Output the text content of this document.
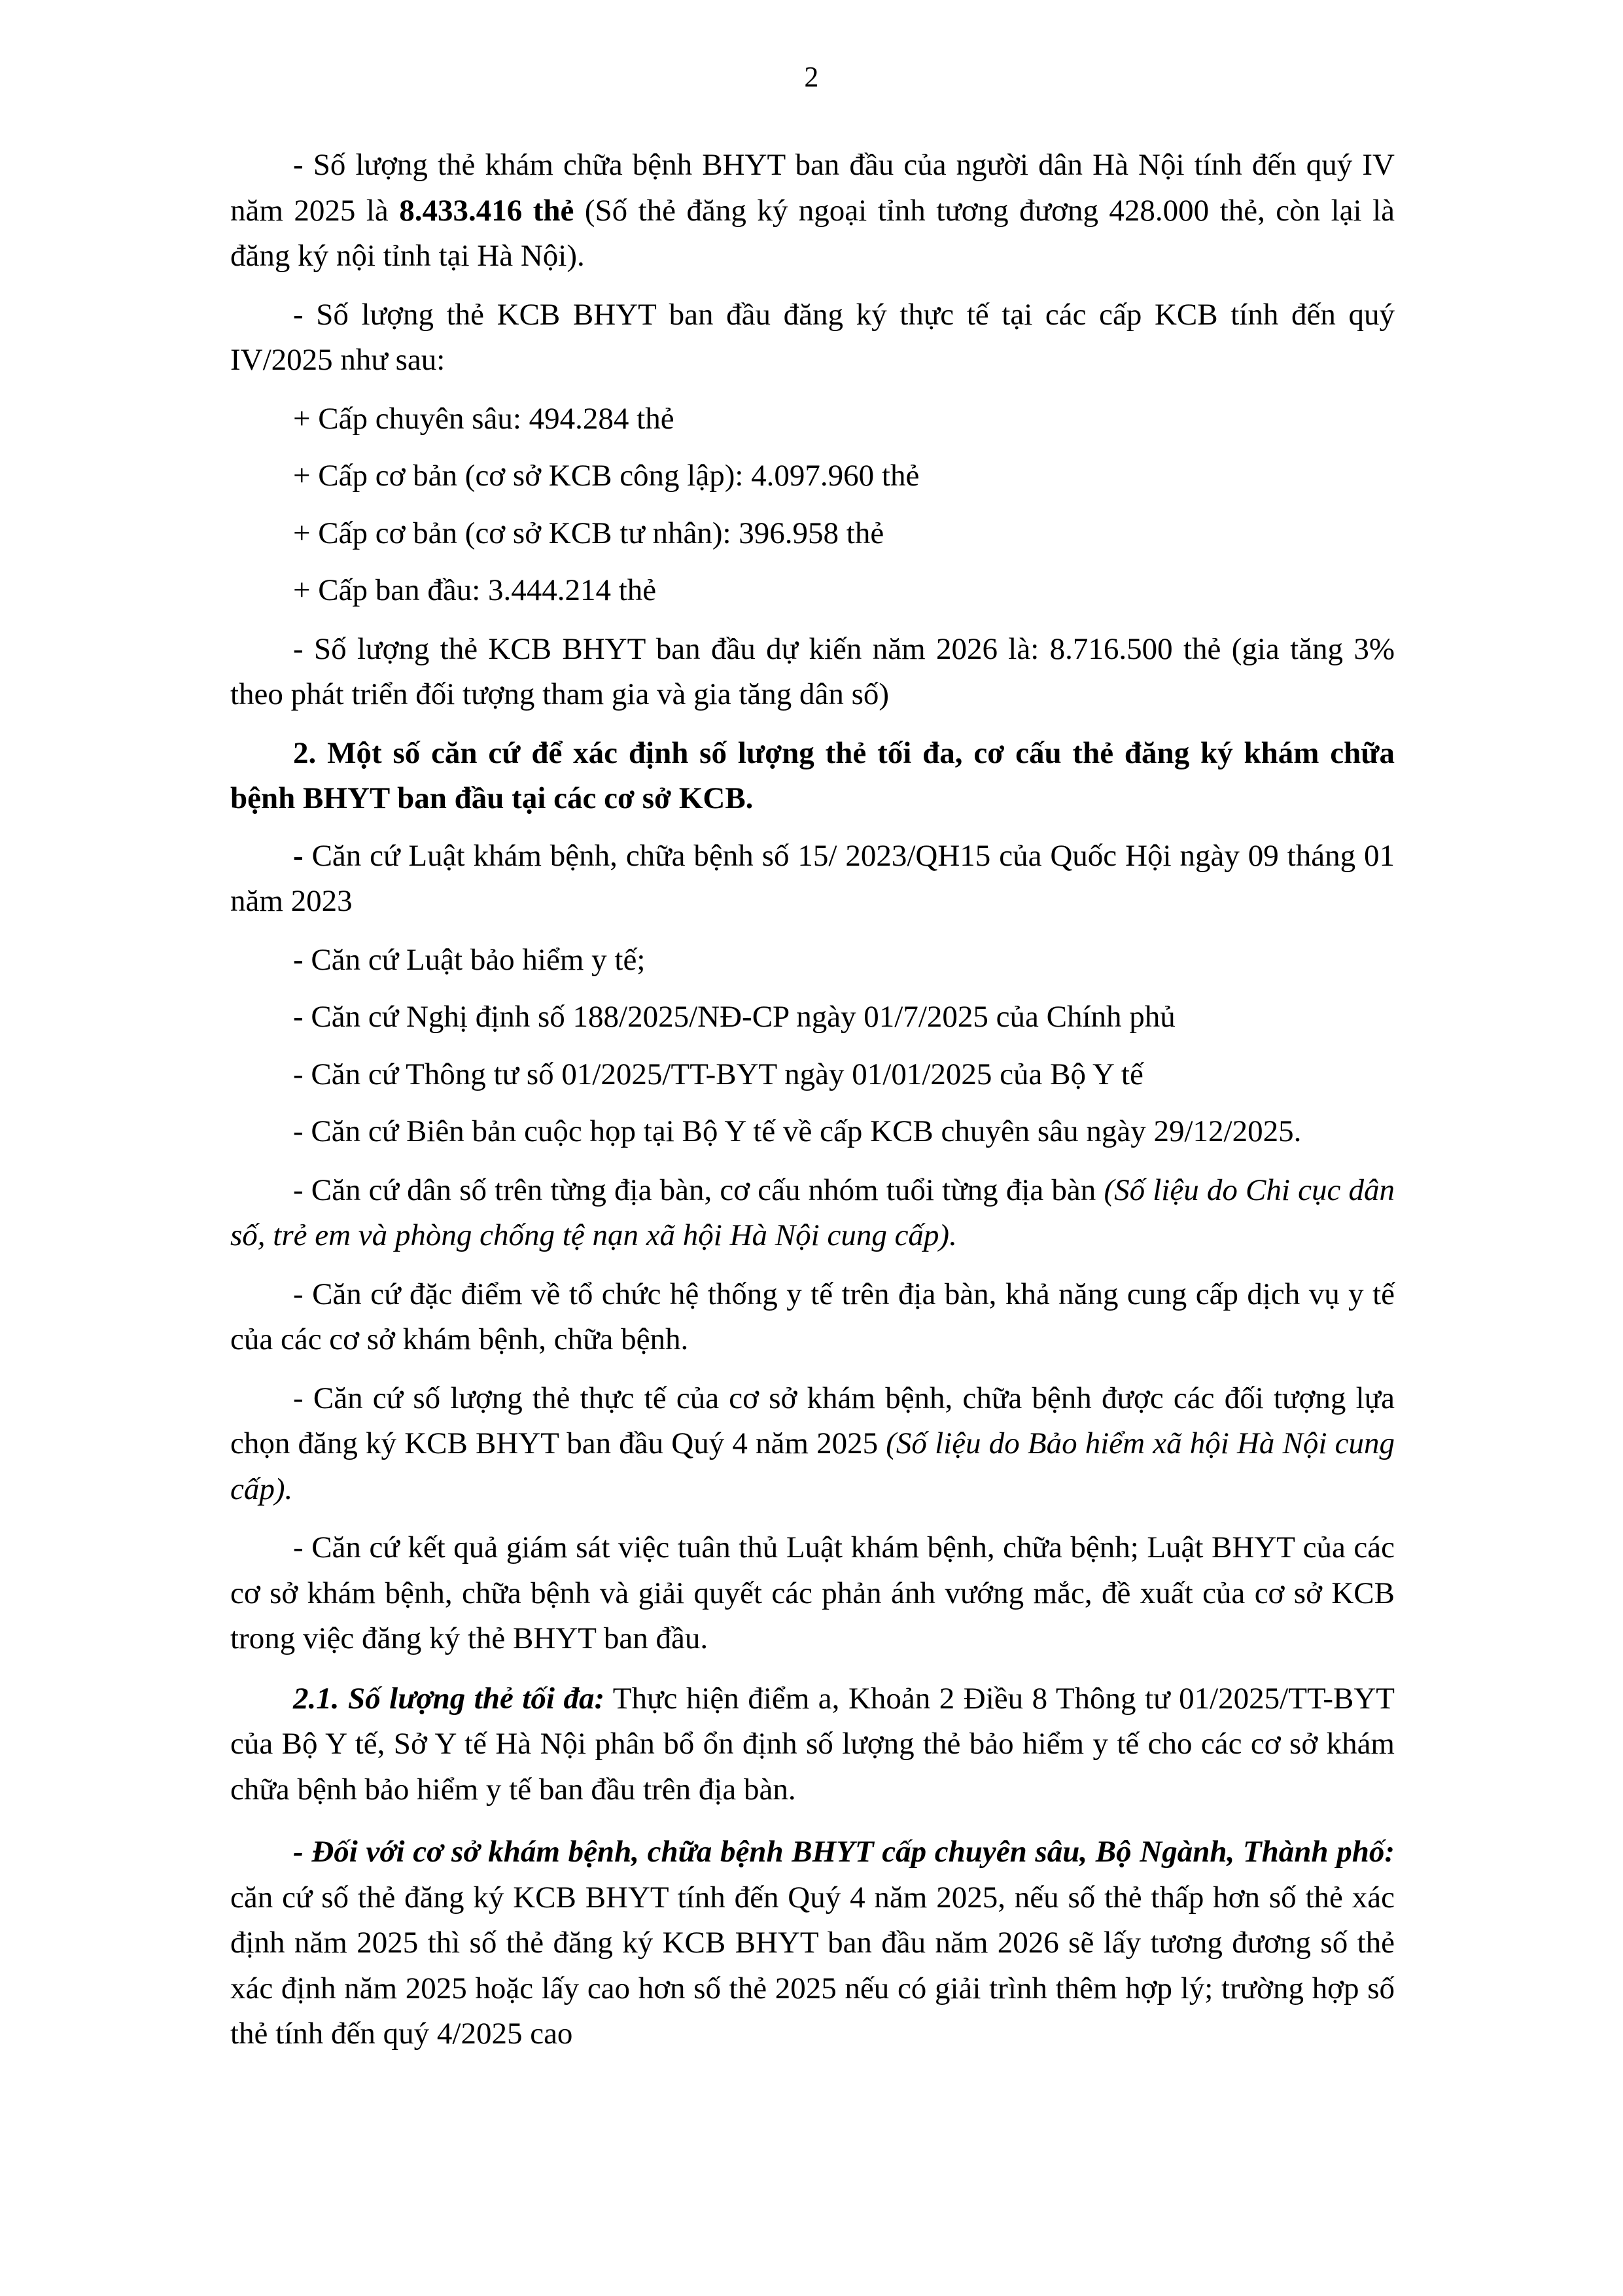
2

- Số lượng thẻ khám chữa bệnh BHYT ban đầu của người dân Hà Nội tính đến quý IV năm 2025 là 8.433.416 thẻ (Số thẻ đăng ký ngoại tỉnh tương đương 428.000 thẻ, còn lại là đăng ký nội tỉnh tại Hà Nội).

- Số lượng thẻ KCB BHYT ban đầu đăng ký thực tế tại các cấp KCB tính đến quý IV/2025 như sau:

+ Cấp chuyên sâu: 494.284 thẻ

+ Cấp cơ bản (cơ sở KCB công lập): 4.097.960 thẻ

+ Cấp cơ bản (cơ sở KCB tư nhân): 396.958 thẻ

+ Cấp ban đầu: 3.444.214 thẻ

- Số lượng thẻ KCB BHYT ban đầu dự kiến năm 2026 là: 8.716.500 thẻ (gia tăng 3% theo phát triển đối tượng tham gia và gia tăng dân số)

2. Một số căn cứ để xác định số lượng thẻ tối đa, cơ cấu thẻ đăng ký khám chữa bệnh BHYT ban đầu tại các cơ sở KCB.

- Căn cứ Luật khám bệnh, chữa bệnh số 15/ 2023/QH15 của Quốc Hội ngày 09 tháng 01 năm 2023

- Căn cứ Luật bảo hiểm y tế;

- Căn cứ Nghị định số 188/2025/NĐ-CP ngày 01/7/2025 của Chính phủ

- Căn cứ Thông tư số 01/2025/TT-BYT ngày 01/01/2025 của Bộ Y tế

- Căn cứ Biên bản cuộc họp tại Bộ Y tế về cấp KCB chuyên sâu ngày 29/12/2025.

- Căn cứ dân số trên từng địa bàn, cơ cấu nhóm tuổi từng địa bàn (Số liệu do Chi cục dân số, trẻ em và phòng chống tệ nạn xã hội Hà Nội cung cấp).

- Căn cứ đặc điểm về tổ chức hệ thống y tế trên địa bàn, khả năng cung cấp dịch vụ y tế của các cơ sở khám bệnh, chữa bệnh.

- Căn cứ số lượng thẻ thực tế của cơ sở khám bệnh, chữa bệnh được các đối tượng lựa chọn đăng ký KCB BHYT ban đầu Quý 4 năm 2025 (Số liệu do Bảo hiểm xã hội Hà Nội cung cấp).

- Căn cứ kết quả giám sát việc tuân thủ Luật khám bệnh, chữa bệnh; Luật BHYT của các cơ sở khám bệnh, chữa bệnh và giải quyết các phản ánh vướng mắc, đề xuất của cơ sở KCB trong việc đăng ký thẻ BHYT ban đầu.

2.1. Số lượng thẻ tối đa: Thực hiện điểm a, Khoản 2 Điều 8 Thông tư 01/2025/TT-BYT của Bộ Y tế, Sở Y tế Hà Nội phân bổ ổn định số lượng thẻ bảo hiểm y tế cho các cơ sở khám chữa bệnh bảo hiểm y tế ban đầu trên địa bàn.

- Đối với cơ sở khám bệnh, chữa bệnh BHYT cấp chuyên sâu, Bộ Ngành, Thành phố: căn cứ số thẻ đăng ký KCB BHYT tính đến Quý 4 năm 2025, nếu số thẻ thấp hơn số thẻ xác định năm 2025 thì số thẻ đăng ký KCB BHYT ban đầu năm 2026 sẽ lấy tương đương số thẻ xác định năm 2025 hoặc lấy cao hơn số thẻ 2025 nếu có giải trình thêm hợp lý; trường hợp số thẻ tính đến quý 4/2025 cao
